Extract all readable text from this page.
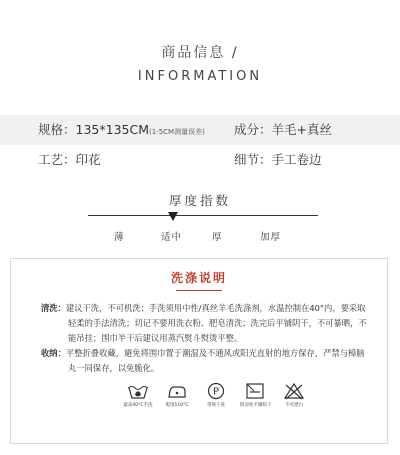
商品信息 /
INFORMATION
规格：135*135CM(1-5CM测量误差) 成分：羊毛+真丝
工艺：印花	细节：手工卷边
厚度指数
薄	适中	厚	加厚
洗涤说明
清洗：建议干洗，不可机洗；手洗须用中性/真丝羊毛洗涤剂，水温控制在40°内，要采取轻柔的手法清洗；切记不要用洗衣粉、肥皂清洗；洗完后平铺阴干，不可暴晒，不能吊挂；围巾半干后建议用蒸汽熨斗熨烫平整。
收纳：平整折叠收藏，避免将围巾置于潮湿及不通风或阳光直射的地方保存，严禁与樟脑丸一同保存，以免脆化。
最高40°C手洗	熨烫110°C
P
常规干洗	阴凉处平铺晾干	不可漂白
